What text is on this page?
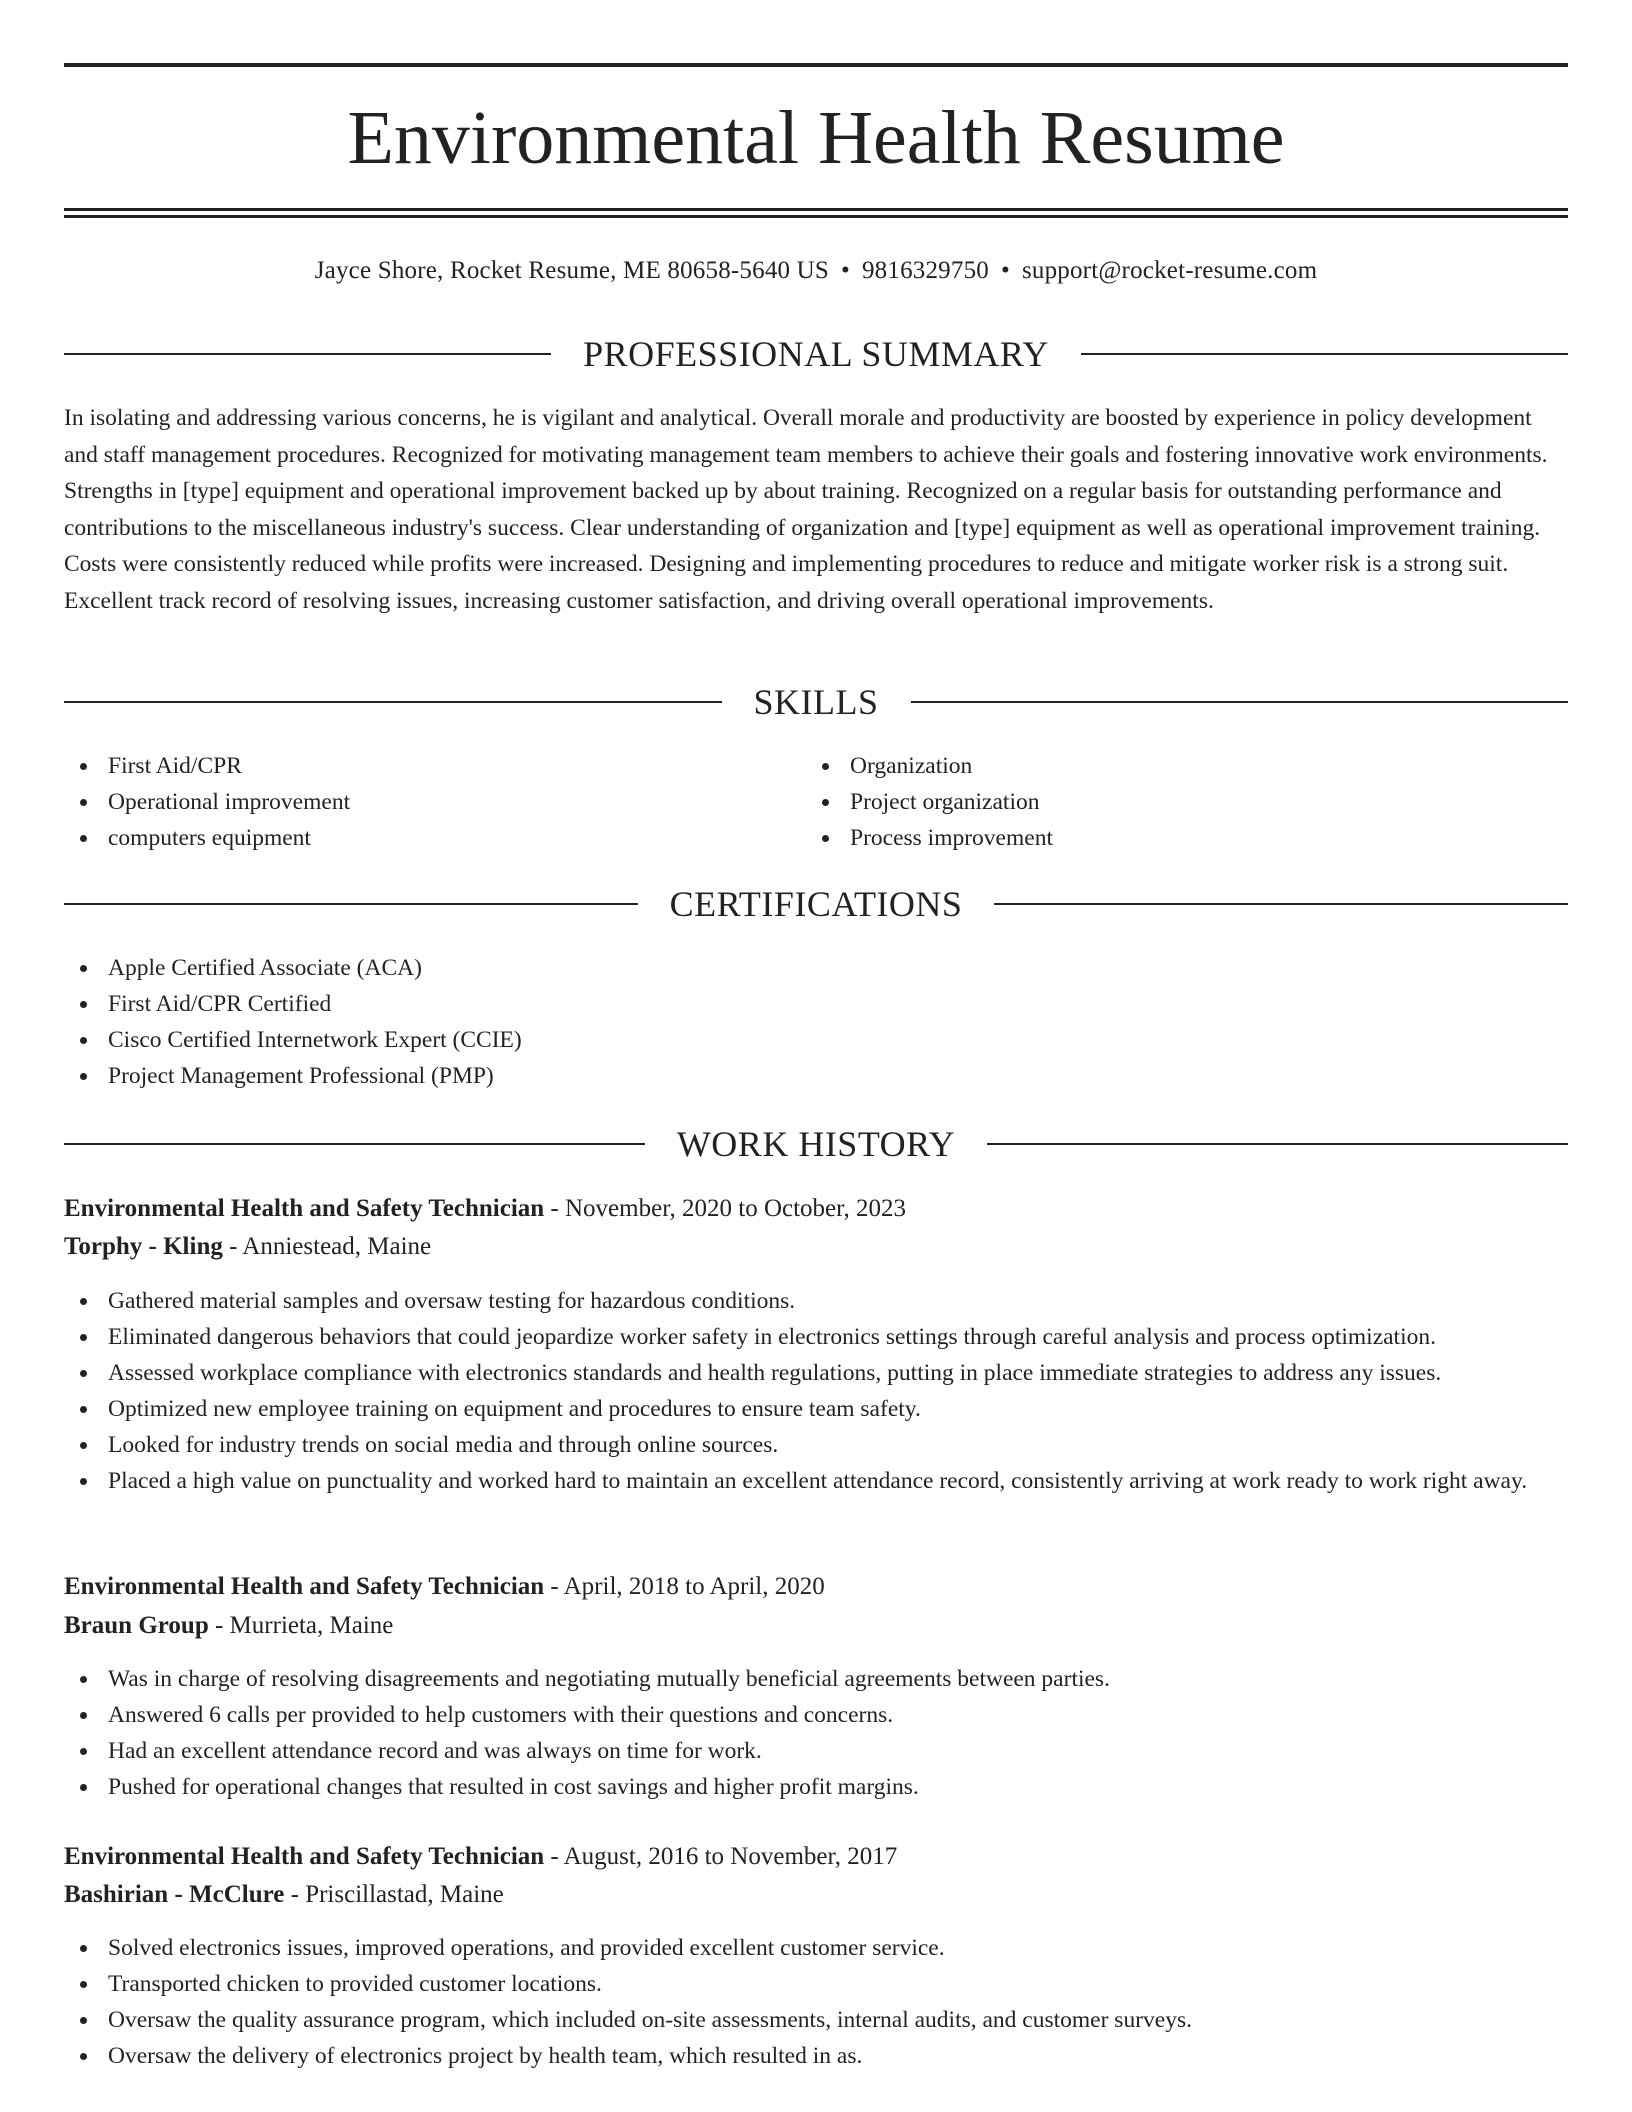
Environmental Health Resume
Jayce Shore, Rocket Resume, ME 80658-5640 US • 9816329750 • support@rocket-resume.com
PROFESSIONAL SUMMARY

In isolating and addressing various concerns, he is vigilant and analytical. Overall morale and productivity are boosted by experience in policy development and staff management procedures. Recognized for motivating management team members to achieve their goals and fostering innovative work environments. Strengths in [type] equipment and operational improvement backed up by about training. Recognized on a regular basis for outstanding performance and contributions to the miscellaneous industry's success. Clear understanding of organization and [type] equipment as well as operational improvement training. Costs were consistently reduced while profits were increased. Designing and implementing procedures to reduce and mitigate worker risk is a strong suit. Excellent track record of resolving issues, increasing customer satisfaction, and driving overall operational improvements.

SKILLS
First Aid/CPR
Operational improvement
computers equipment
Organization
Project organization
Process improvement
CERTIFICATIONS
Apple Certified Associate (ACA)
First Aid/CPR Certified
Cisco Certified Internetwork Expert (CCIE)
Project Management Professional (PMP)
WORK HISTORY
Environmental Health and Safety Technician - November, 2020 to October, 2023
Torphy - Kling - Anniestead, Maine
Gathered material samples and oversaw testing for hazardous conditions.
Eliminated dangerous behaviors that could jeopardize worker safety in electronics settings through careful analysis and process optimization.
Assessed workplace compliance with electronics standards and health regulations, putting in place immediate strategies to address any issues.
Optimized new employee training on equipment and procedures to ensure team safety.
Looked for industry trends on social media and through online sources.
Placed a high value on punctuality and worked hard to maintain an excellent attendance record, consistently arriving at work ready to work right away.
Environmental Health and Safety Technician - April, 2018 to April, 2020
Braun Group - Murrieta, Maine
Was in charge of resolving disagreements and negotiating mutually beneficial agreements between parties.
Answered 6 calls per provided to help customers with their questions and concerns.
Had an excellent attendance record and was always on time for work.
Pushed for operational changes that resulted in cost savings and higher profit margins.
Environmental Health and Safety Technician - August, 2016 to November, 2017
Bashirian - McClure - Priscillastad, Maine
Solved electronics issues, improved operations, and provided excellent customer service.
Transported chicken to provided customer locations.
Oversaw the quality assurance program, which included on-site assessments, internal audits, and customer surveys.
Oversaw the delivery of electronics project by health team, which resulted in as.
